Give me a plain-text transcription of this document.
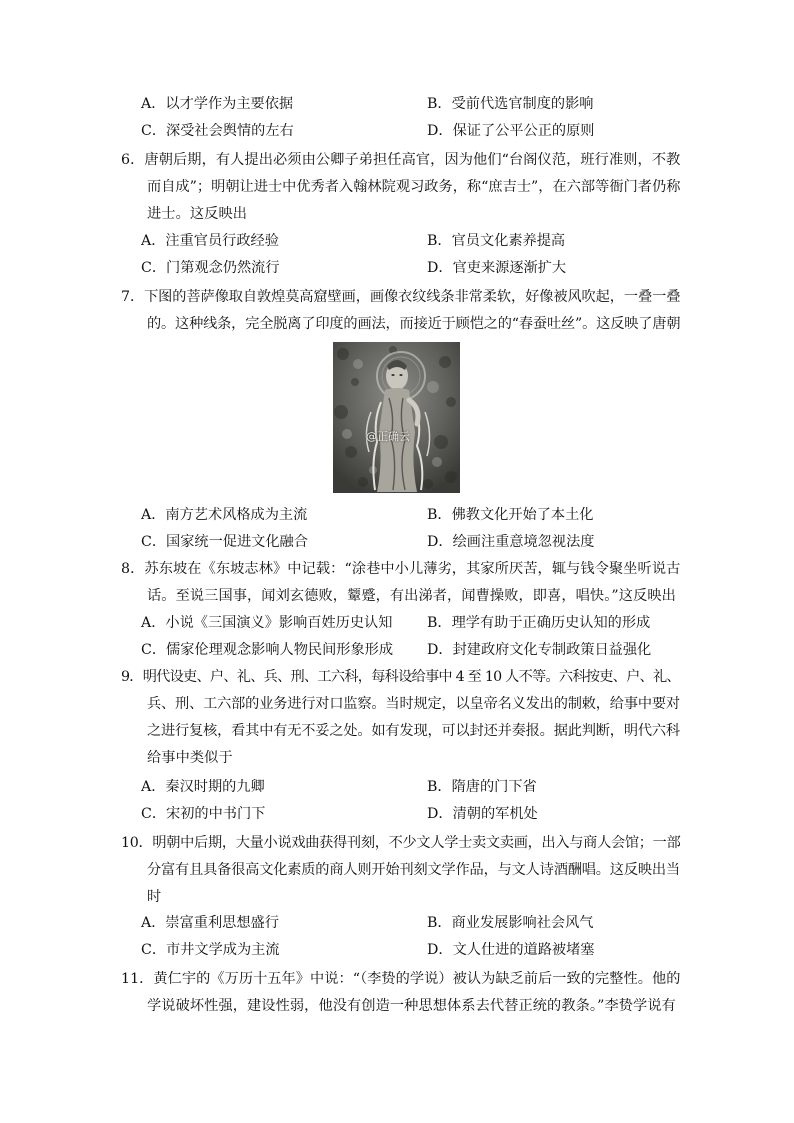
A．以才学作为主要依据	B．受前代选官制度的影响
C．深受社会舆情的左右	D．保证了公平公正的原则
6．唐朝后期，有人提出必须由公卿子弟担任高官，因为他们“台阁仪范，班行准则，不教
而自成”；明朝让进士中优秀者入翰林院观习政务，称“庶吉士”，在六部等衙门者仍称
进士。这反映出
A．注重官员行政经验	B．官员文化素养提高
C．门第观念仍然流行	D．官吏来源逐渐扩大
7．下图的菩萨像取自敦煌莫高窟壁画，画像衣纹线条非常柔软，好像被风吹起，一叠一叠
的。这种线条，完全脱离了印度的画法，而接近于顾恺之的“春蚕吐丝”。这反映了唐朝
@正确云
A．南方艺术风格成为主流	B．佛教文化开始了本土化
C．国家统一促进文化融合	D．绘画注重意境忽视法度
8．苏东坡在《东坡志林》中记载：“涂巷中小儿薄劣，其家所厌苦，辄与钱令聚坐听说古
话。至说三国事，闻刘玄德败，颦蹙，有出涕者，闻曹操败，即喜，唱快。”这反映出
A．小说《三国演义》影响百姓历史认知 B．理学有助于正确历史认知的形成
C．儒家伦理观念影响人物民间形象形成 D．封建政府文化专制政策日益强化
9．明代设吏、户、礼、兵、刑、工六科，每科设给事中 4 至 10 人不等。六科按吏、户、礼、
兵、刑、工六部的业务进行对口监察。当时规定，以皇帝名义发出的制敕，给事中要对
之进行复核，看其中有无不妥之处。如有发现，可以封还并奏报。据此判断，明代六科
给事中类似于
A．秦汉时期的九卿	B．隋唐的门下省
C．宋初的中书门下	D．清朝的军机处
10．明朝中后期，大量小说戏曲获得刊刻，不少文人学士卖文卖画，出入与商人会馆；一部
分富有且具备很高文化素质的商人则开始刊刻文学作品，与文人诗酒酬唱。这反映出当
时
A．崇富重利思想盛行	B．商业发展影响社会风气
C．市井文学成为主流	D．文人仕进的道路被堵塞
11．黄仁宇的《万历十五年》中说：“（李贽的学说）被认为缺乏前后一致的完整性。他的
学说破坏性强，建设性弱，他没有创造一种思想体系去代替正统的教条。”李贽学说有
